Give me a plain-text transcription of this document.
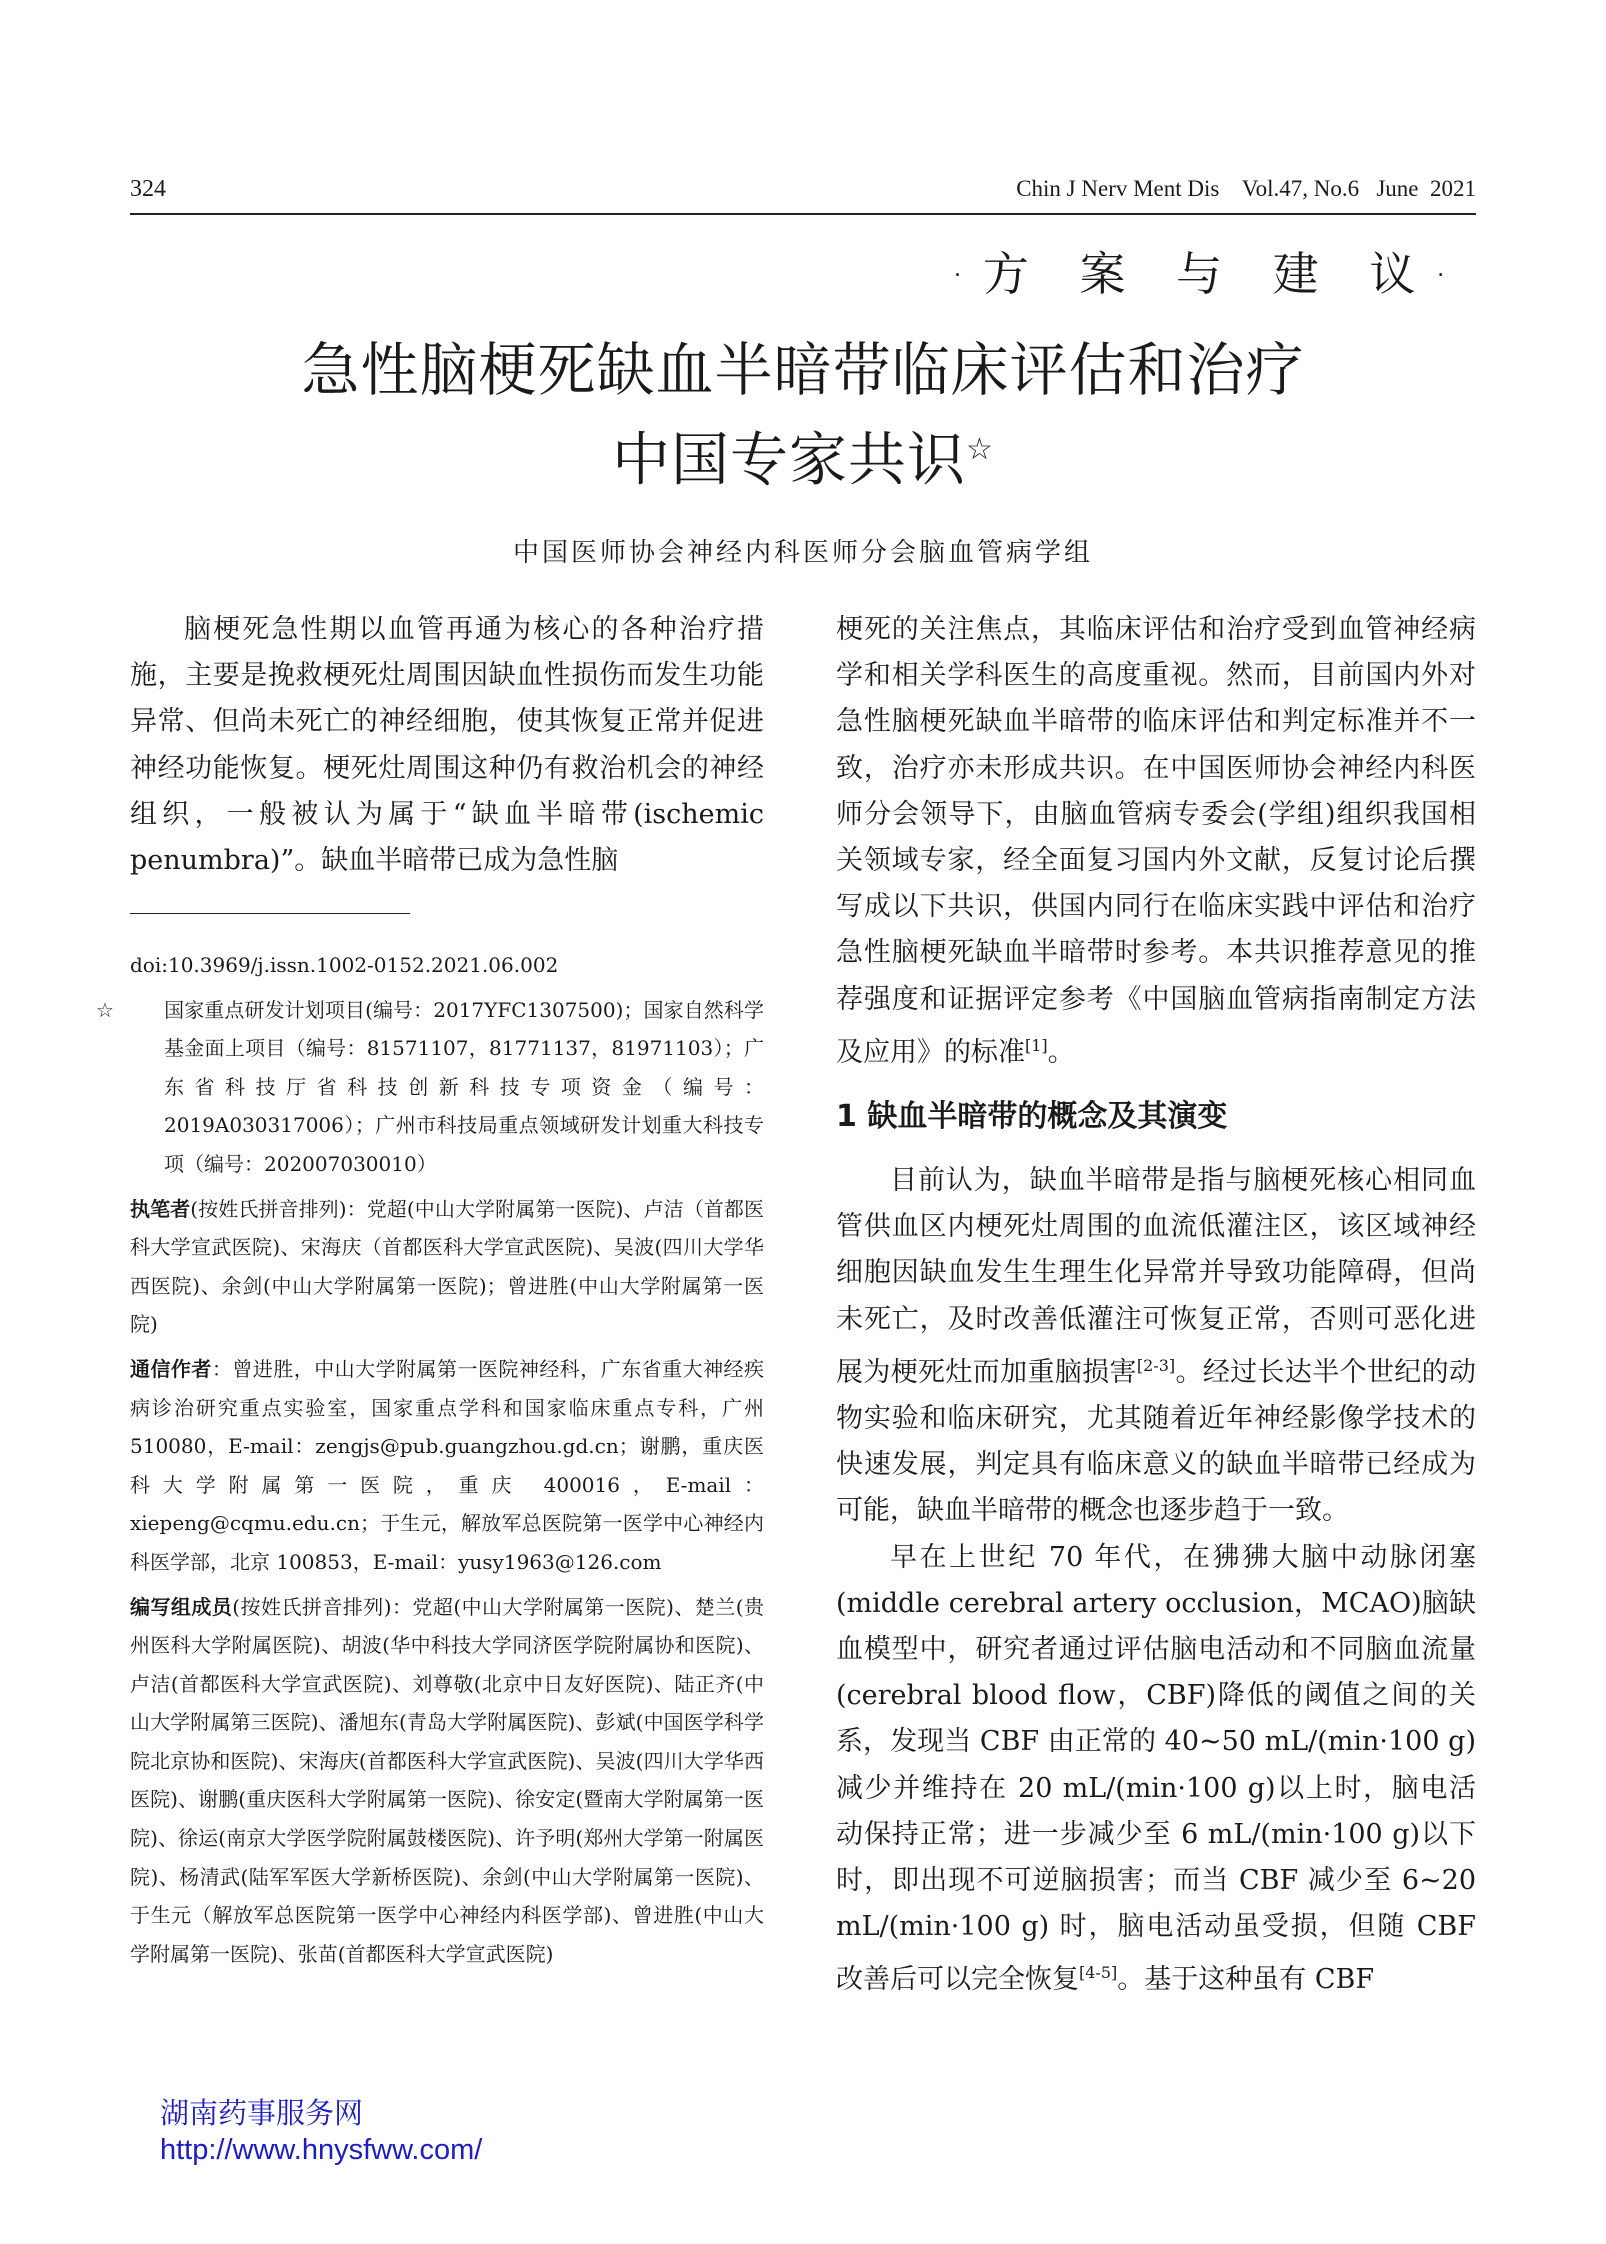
324	Chin J Nerv Ment Dis    Vol.47, No.6   June  2021
·方 案 与 建 议·
急性脑梗死缺血半暗带临床评估和治疗
中国专家共识☆
中国医师协会神经内科医师分会脑血管病学组

脑梗死急性期以血管再通为核心的各种治疗措施，主要是挽救梗死灶周围因缺血性损伤而发生功能异常、但尚未死亡的神经细胞，使其恢复正常并促进神经功能恢复。梗死灶周围这种仍有救治机会的神经组织，一般被认为属于“缺血半暗带(ischemic penumbra)”。缺血半暗带已成为急性脑

doi:10.3969/j.issn.1002-0152.2021.06.002

☆	国家重点研发计划项目(编号：2017YFC1307500)；国家自然科学基金面上项目（编号：81571107，81771137，81971103）；广东省科技厅省科技创新科技专项资金（编号：2019A030317006）；广州市科技局重点领域研发计划重大科技专项（编号：202007030010）

执笔者(按姓氏拼音排列)：党超(中山大学附属第一医院)、卢洁（首都医科大学宣武医院)、宋海庆（首都医科大学宣武医院)、吴波(四川大学华西医院)、余剑(中山大学附属第一医院)；曾进胜(中山大学附属第一医院)

通信作者：曾进胜，中山大学附属第一医院神经科，广东省重大神经疾病诊治研究重点实验室，国家重点学科和国家临床重点专科，广州 510080，E-mail：zengjs@pub.guangzhou.gd.cn；谢鹏，重庆医科大学附属第一医院，重庆 400016，E-mail：xiepeng@cqmu.edu.cn；于生元，解放军总医院第一医学中心神经内科医学部，北京 100853，E-mail：yusy1963@126.com

编写组成员(按姓氏拼音排列)：党超(中山大学附属第一医院)、楚兰(贵州医科大学附属医院)、胡波(华中科技大学同济医学院附属协和医院)、卢洁(首都医科大学宣武医院)、刘尊敬(北京中日友好医院)、陆正齐(中山大学附属第三医院)、潘旭东(青岛大学附属医院)、彭斌(中国医学科学院北京协和医院)、宋海庆(首都医科大学宣武医院)、吴波(四川大学华西医院)、谢鹏(重庆医科大学附属第一医院)、徐安定(暨南大学附属第一医院)、徐运(南京大学医学院附属鼓楼医院)、许予明(郑州大学第一附属医院)、杨清武(陆军军医大学新桥医院)、余剑(中山大学附属第一医院)、于生元（解放军总医院第一医学中心神经内科医学部)、曾进胜(中山大学附属第一医院)、张苗(首都医科大学宣武医院)

梗死的关注焦点，其临床评估和治疗受到血管神经病学和相关学科医生的高度重视。然而，目前国内外对急性脑梗死缺血半暗带的临床评估和判定标准并不一致，治疗亦未形成共识。在中国医师协会神经内科医师分会领导下，由脑血管病专委会(学组)组织我国相关领域专家，经全面复习国内外文献，反复讨论后撰写成以下共识，供国内同行在临床实践中评估和治疗急性脑梗死缺血半暗带时参考。本共识推荐意见的推荐强度和证据评定参考《中国脑血管病指南制定方法及应用》的标准[1]。

1 缺血半暗带的概念及其演变

目前认为，缺血半暗带是指与脑梗死核心相同血管供血区内梗死灶周围的血流低灌注区，该区域神经细胞因缺血发生生理生化异常并导致功能障碍，但尚未死亡，及时改善低灌注可恢复正常，否则可恶化进展为梗死灶而加重脑损害[2-3]。经过长达半个世纪的动物实验和临床研究，尤其随着近年神经影像学技术的快速发展，判定具有临床意义的缺血半暗带已经成为可能，缺血半暗带的概念也逐步趋于一致。

早在上世纪 70 年代，在狒狒大脑中动脉闭塞(middle cerebral artery occlusion，MCAO)脑缺血模型中，研究者通过评估脑电活动和不同脑血流量(cerebral blood flow，CBF)降低的阈值之间的关系，发现当 CBF 由正常的 40~50 mL/(min·100 g)减少并维持在 20 mL/(min·100 g)以上时，脑电活动保持正常；进一步减少至 6 mL/(min·100 g)以下时，即出现不可逆脑损害；而当 CBF 减少至 6~20 mL/(min·100 g) 时，脑电活动虽受损，但随 CBF 改善后可以完全恢复[4-5]。基于这种虽有 CBF

湖南药事服务网
http://www.hnysfww.com/
